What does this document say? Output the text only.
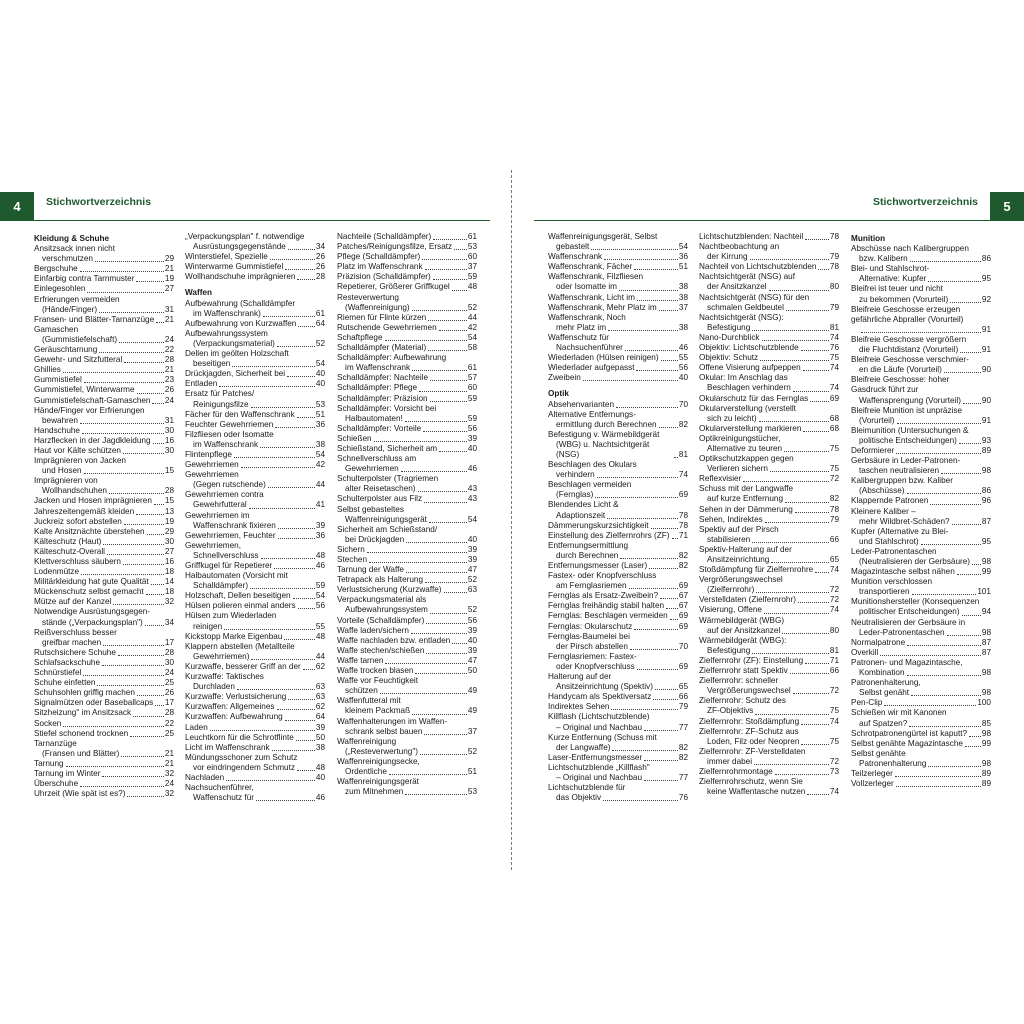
4 Stichwortverzeichnis
Kleidung & Schuhe
Ansitzsack innen nicht
verschmutzen	29
Bergschuhe	21
Einfarbig contra Tarnmuster	19
Einlegesohlen	27
Erfrierungen vermeiden
(Hände/Finger)	31
Fransen- und Blätter-Tarnanzüge 21
Gamaschen
(Gummistiefelschaft)	24
Geräuschtarnung	22
Gewehr- und Sitzfutteral	28
Ghillies	21
Gummistiefel	23
Gummistiefel, Winterwarme	26
Gummistiefelschaft-Gamaschen 24
Hände/Finger vor Erfrierungen
bewahren	31
Handschuhe	30
Harzflecken in der Jagdkleidung 16
Haut vor Kälte schützen	30
Imprägnieren von Jacken
und Hosen	15
Imprägnieren von
Wollhandschuhen	28
Jacken und Hosen imprägnieren 15
Jahreszeitengemäß kleiden	13
Juckreiz sofort abstellen	19
Kalte Ansitznächte überstehen 29
Kälteschutz (Haut)	30
Kälteschutz-Overall	27
Klettverschluss säubern	16
Lodenmütze	18
Militärkleidung hat gute Qualität 14
Mückenschutz selbst gemacht	18
Mütze auf der Kanzel	32
Notwendige Ausrüstungsgegen-
stände („Verpackungsplan")	34
Reißverschluss besser
greifbar machen	17
Rutschsichere Schuhe	28
Schlafsackschuhe	30
Schnürstiefel	24
Schuhe einfetten	25
Schuhsohlen griffig machen	26
Signalmützen oder Baseballcaps 17
Sitzheizung" im Ansitzsack	28
Socken	22
Stiefel schonend trocknen	25
Tarnanzüge
(Fransen und Blätter)	21
Tarnung	21
Tarnung im Winter	32
Überschuhe	24
Uhrzeit (Wie spät ist es?)	32
„Verpackungsplan" f. notwendige
Ausrüstungsgegenstände	34
Winterstiefel, Spezielle	26
Winterwarme Gummistiefel	26
Wollhandschuhe imprägnieren 28
Waffen
Aufbewahrung (Schalldämpfer
im Waffenschrank)	61
Aufbewahrung von Kurzwaffen 64
Aufbewahrungssystem
(Verpackungsmaterial)	52
Dellen im geölten Holzschaft
beseitigen	54
Drückjagden, Sicherheit bei	40
Entladen	40
Ersatz für Patches/
Reinigungsfilze	53
Fächer für den Waffenschrank	51
Feuchter Gewehrriemen	36
Filzfliesen oder Isomatte
im Waffenschrank	38
Flintenpflege	54
Gewehrriemen	42
Gewehrriemen
(Gegen rutschende)	44
Gewehrriemen contra
Gewehrfutteral	41
Gewehrriemen im
Waffenschrank fixieren	39
Gewehrriemen, Feuchter	36
Gewehrriemen,
Schnellverschluss	48
Griffkugel für Repetierer	46
Halbautomaten (Vorsicht mit
Schalldämpfer)	59
Holzschaft, Dellen beseitigen	54
Hülsen polieren einmal anders 56
Hülsen zum Wiederladen
reinigen	55
Kickstopp Marke Eigenbau	48
Klappern abstellen (Metallteile
Gewehrriemen)	44
Kurzwaffe, besserer Griff an der 62
Kurzwaffe: Taktisches
Durchladen	63
Kurzwaffe: Verlustsicherung	63
Kurzwaffen: Allgemeines	62
Kurzwaffen: Aufbewahrung	64
Laden	39
Leuchtkorn für die Schrotflinte	50
Licht im Waffenschrank	38
Mündungsschoner zum Schutz
vor eindringendem Schmutz	48
Nachladen	40
Nachsuchenführer,
Waffenschutz für	46
Nachteile (Schalldämpfer)	61
Patches/Reinigungsfilze, Ersatz 53
Pflege (Schalldämpfer)	60
Platz im Waffenschrank	37
Präzision (Schalldämpfer)	59
Repetierer, Größerer Griffkugel 48
Resteverwertung
(Waffenreinigung)	52
Riemen für Flinte kürzen	44
Rutschende Gewehrriemen	42
Schaftpflege	54
Schalldämpfer (Material)	58
Schalldämpfer: Aufbewahrung
im Waffenschrank	61
Schalldämpfer: Nachteile	57
Schalldämpfer: Pflege	60
Schalldämpfer: Präzision	59
Schalldämpfer: Vorsicht bei
Halbautomaten!	59
Schalldämpfer: Vorteile	56
Schießen	39
Schießstand, Sicherheit am	40
Schnellverschluss am
Gewehrriemen	46
Schulterpolster (Tragriemen
alter Reisetaschen)	43
Schulterpolster aus Filz	43
Selbst gebasteltes
Waffenreinigungsgerät	54
Sicherheit am Schießstand/
bei Drückjagden	40
Sichern	39
Stechen	39
Tarnung der Waffe	47
Tetrapack als Halterung	52
Verlustsicherung (Kurzwaffe)	63
Verpackungsmaterial als
Aufbewahrungssystem	52
Vorteile (Schalldämpfer)	56
Waffe laden/sichern	39
Waffe nachladen bzw. entladen 40
Waffe stechen/schießen	39
Waffe tarnen	47
Waffe trocken blasen	50
Waffe vor Feuchtigkeit
schützen	49
Waffenfutteral mit
kleinem Packmaß	49
Waffenhalterungen im Waffen-
schrank selbst bauen	37
Waffenreinigung
(„Resteverwertung")	52
Waffenreinigungsecke,
Ordentliche	51
Waffenreinigungsgerät
zum Mitnehmen	53
5
Stichwortverzeichnis
Waffenreinigungsgerät, Selbst
gebastelt	54
Waffenschrank	36
Waffenschrank, Fächer	51
Waffenschrank, Filzfliesen
oder Isomatte im	38
Waffenschrank, Licht im	38
Waffenschrank, Mehr Platz im	37
Waffenschrank, Noch
mehr Platz im	38
Waffenschutz für
Nachsuchenführer	46
Wiederladen (Hülsen reinigen) 55
Wiederlader aufgepasst	56
Zweibein	40
Optik
Absehenvarianten	70
Alternative Entfernungs-
ermittlung durch Berechnen	82
Befestigung v. Wärmebildgerät
(WBG) u. Nachtsichtgerät (NSG)	81
Beschlagen des Okulars
verhindern	74
Beschlagen vermeiden
(Fernglas)	69
Blendendes Licht &
Adaptionszeit	78
Dämmerungskurzsichtigkeit	78
Einstellung des Zielfernrohrs (ZF) 71
Entfernungsermittlung
durch Berechnen	82
Entfernungsmesser (Laser)	82
Fastex- oder Knopfverschluss
am Fernglasriemen	69
Fernglas als Ersatz-Zweibein?	67
Fernglas freihändig stabil halten 67
Fernglas: Beschlagen vermeiden 69
Fernglas: Okularschutz	69
Fernglas-Baumelei bei
der Pirsch abstellen	70
Fernglasriemen: Fastex-
oder Knopfverschluss	69
Halterung auf der
Ansitzeinrichtung (Spektiv)	65
Handycam als Spektiversatz	66
Indirektes Sehen	79
Killflash (Lichtschutzblende)
– Original und Nachbau	77
Kurze Entfernung (Schuss mit
der Langwaffe)	82
Laser-Entfernungsmesser	82
Lichtschutzblende „Killflash"
– Original und Nachbau	77
Lichtschutzblende für
das Objektiv	76
Lichtschutzblenden: Nachteil	78
Nachtbeobachtung an
der Kirrung	79
Nachteil von Lichtschutzblenden 78
Nachtsichtgerät (NSG) auf
der Ansitzkanzel	80
Nachtsichtgerät (NSG) für den
schmalen Geldbeutel	79
Nachtsichtgerät (NSG):
Befestigung	81
Nano-Durchblick	74
Objektiv: Lichtschutzblende	76
Objektiv: Schutz	75
Offene Visierung aufpeppen	74
Okular: Im Anschlag das
Beschlagen verhindern	74
Okularschutz für das Fernglas	69
Okularverstellung (verstellt
sich zu leicht)	68
Okularverstellung markieren	68
Optikreinigungstücher,
Alternative zu teuren	75
Optikschutzkappen gegen
Verlieren sichern	75
Reflexvisier	72
Schuss mit der Langwaffe
auf kurze Entfernung	82
Sehen in der Dämmerung	78
Sehen, Indirektes	79
Spektiv auf der Pirsch
stabilisieren	66
Spektiv-Halterung auf der
Ansitzeinrichtung	65
Stoßdämpfung für Zielfernrohre 74
Vergrößerungswechsel
(Zielfernrohr)	72
Verstelldaten (Zielfernrohr)	72
Visierung, Offene	74
Wärmebildgerät (WBG)
auf der Ansitzkanzel	80
Wärmebildgerät (WBG):
Befestigung	81
Zielfernrohr (ZF): Einstellung	71
Zielfernrohr statt Spektiv	66
Zielfernrohr: schneller
Vergrößerungswechsel	72
Zielfernrohr: Schutz des
ZF-Objektivs	75
Zielfernrohr: Stoßdämpfung	74
Zielfernrohr: ZF-Schutz aus
Loden, Filz oder Neopren	75
Zielfernrohr: ZF-Verstelldaten
immer dabei	72
Zielfernrohrmontage	73
Zielfernrohrschutz, wenn Sie
keine Waffentasche nutzen	74
Munition
Abschüsse nach Kalibergruppen
bzw. Kalibern	86
Blei- und Stahlschrot-
Alternative: Kupfer	95
Bleifrei ist teuer und nicht
zu bekommen (Vorurteil)	92
Bleifreie Geschosse erzeugen
gefährliche Abpraller (Vorurteil)
91
Bleifreie Geschosse vergrößern
die Fluchtdistanz (Vorurteil)	91
Bleifreie Geschosse verschmier-
en die Läufe (Vorurteil)	90
Bleifreie Geschosse: hoher
Gasdruck führt zur
Waffensprengung (Vorurteil)	90
Bleifreie Munition ist unpräzise
(Vorurteil)	91
Bleimunition (Untersuchungen &
politische Entscheidungen)	93
Deformierer	89
Gerbsäure in Leder-Patronen-
taschen neutralisieren	98
Kalibergruppen bzw. Kaliber
(Abschüsse)	86
Klappernde Patronen	96
Kleinere Kaliber –
mehr Wildbret-Schäden?	87
Kupfer (Alternative zu Blei-
und Stahlschrot)	95
Leder-Patronentaschen
(Neutralisieren der Gerbsäure) 98
Magazintasche selbst nähen	99
Munition verschlossen
transportieren	101
Munitionshersteller (Konsequenzen
politischer Entscheidungen)	94
Neutralisieren der Gerbsäure in
Leder-Patronentaschen	98
Normalpatrone	87
Overkill	87
Patronen- und Magazintasche,
Kombination	98
Patronenhalterung,
Selbst genäht	98
Pen-Clip	100
Schießen wir mit Kanonen
auf Spatzen?	85
Schrotpatronengürtel ist kaputt? 98
Selbst genähte Magazintasche 99
Selbst genähte
Patronenhalterung	98
Teilzerleger	89
Vollzerleger	89
